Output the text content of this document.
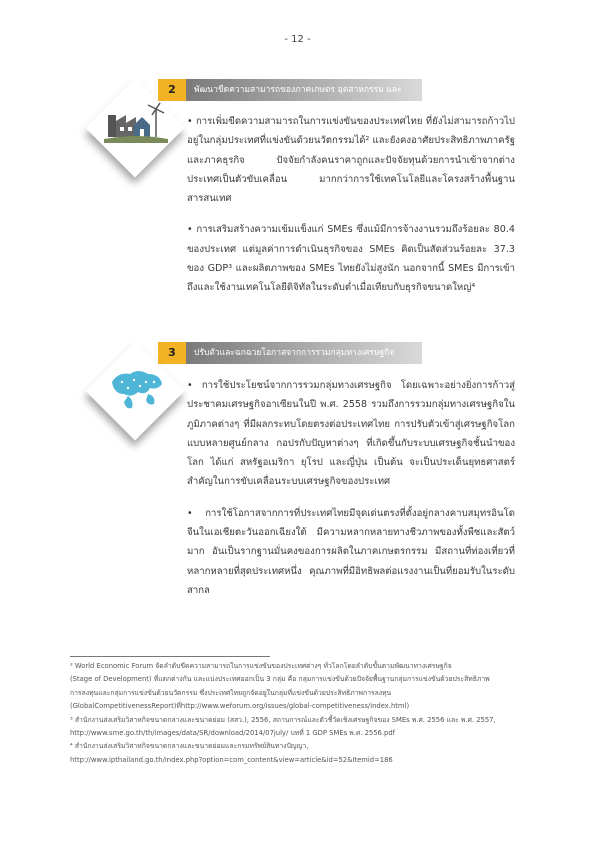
- 12 -
2	พัฒนาขีดความสามารถของภาคเกษตร อุตสาหกรรม และ

• การเพิ่มขีดความสามารถในการแข่งขันของประเทศไทย ที่ยังไม่สามารถก้าวไปอยู่ในกลุ่มประเทศที่แข่งขันด้วยนวัตกรรมได้² และยังคงอาศัยประสิทธิภาพภาครัฐและภาคธุรกิจ ปัจจัยกำลังคนราคาถูกและปัจจัยทุนด้วยการนำเข้าจากต่างประเทศเป็นตัวขับเคลื่อน มากกว่าการใช้เทคโนโลยีและโครงสร้างพื้นฐานสารสนเทศ

• การเสริมสร้างความเข้มแข็งแก่ SMEs ซึ่งแม้มีการจ้างงานรวมถึงร้อยละ 80.4 ของประเทศ แต่มูลค่าการดำเนินธุรกิจของ SMEs คิดเป็นสัดส่วนร้อยละ 37.3 ของ GDP³ และผลิตภาพของ SMEs ไทยยังไม่สูงนัก นอกจากนี้ SMEs มีการเข้าถึงและใช้งานเทคโนโลยีดิจิทัลในระดับต่ำเมื่อเทียบกับธุรกิจขนาดใหญ่⁴

3	ปรับตัวและฉกฉวยโอกาสจากการรวมกลุ่มทางเศรษฐกิจ

• การใช้ประโยชน์จากการรวมกลุ่มทางเศรษฐกิจ โดยเฉพาะอย่างยิ่งการก้าวสู่ประชาคมเศรษฐกิจอาเซียนในปี พ.ศ. 2558 รวมถึงการรวมกลุ่มทางเศรษฐกิจในภูมิภาคต่างๆ ที่มีผลกระทบโดยตรงต่อประเทศไทย การปรับตัวเข้าสู่เศรษฐกิจโลกแบบหลายศูนย์กลาง กอปรกับปัญหาต่างๆ ที่เกิดขึ้นกับระบบเศรษฐกิจชั้นนำของโลก ได้แก่ สหรัฐอเมริกา ยุโรป และญี่ปุ่น เป็นต้น จะเป็นประเด็นยุทธศาสตร์สำคัญในการขับเคลื่อนระบบเศรษฐกิจของประเทศ

• การใช้โอกาสจากการที่ประเทศไทยมีจุดเด่นตรงที่ตั้งอยู่กลางคาบสมุทรอินโดจีนในเอเชียตะวันออกเฉียงใต้ มีความหลากหลายทางชีวภาพของทั้งพืชและสัตว์มาก อันเป็นรากฐานมั่นคงของการผลิตในภาคเกษตรกรรม มีสถานที่ท่องเที่ยวที่หลากหลายที่สุดประเทศหนึ่ง คุณภาพที่มีอิทธิพลต่อแรงงานเป็นที่ยอมรับในระดับสากล

² World Economic Forum จัดลำดับขีดความสามารถในการแข่งขันของประเทศต่างๆ ทั่วโลกโดยลำดับขั้นตามพัฒนาทางเศรษฐกิจ
(Stage of Development) ที่แตกต่างกัน และแบ่งประเทศออกเป็น 3 กลุ่ม คือ กลุ่มการแข่งขันด้วยปัจจัยพื้นฐานกลุ่มการแข่งขันด้วยประสิทธิภาพ
การลงทุนและกลุ่มการแข่งขันด้วยนวัตกรรม ซึ่งประเทศไทยถูกจัดอยู่ในกลุ่มที่แข่งขันด้วยประสิทธิภาพการลงทุน
(GlobalCompetitivenessReport)ที่http://www.weforum.org/issues/global-competitiveness/index.html)
³ สำนักงานส่งเสริมวิสาหกิจขนาดกลางและขนาดย่อม (สสว.), 2556, สถานการณ์และตัวชี้วัดเชิงเศรษฐกิจของ SMEs พ.ศ. 2556 และ พ.ศ. 2557,
http://www.sme.go.th/th/images/data/SR/download/2014/07july/ บทที่ 1 GDP SMEs พ.ศ. 2556.pdf
⁴ สำนักงานส่งเสริมวิสาหกิจขนาดกลางและขนาดย่อมและกรมทรัพย์สินทางปัญญา,
http://www.ipthailand.go.th/index.php?option=com_content&view=article&id=52&Itemid=186
